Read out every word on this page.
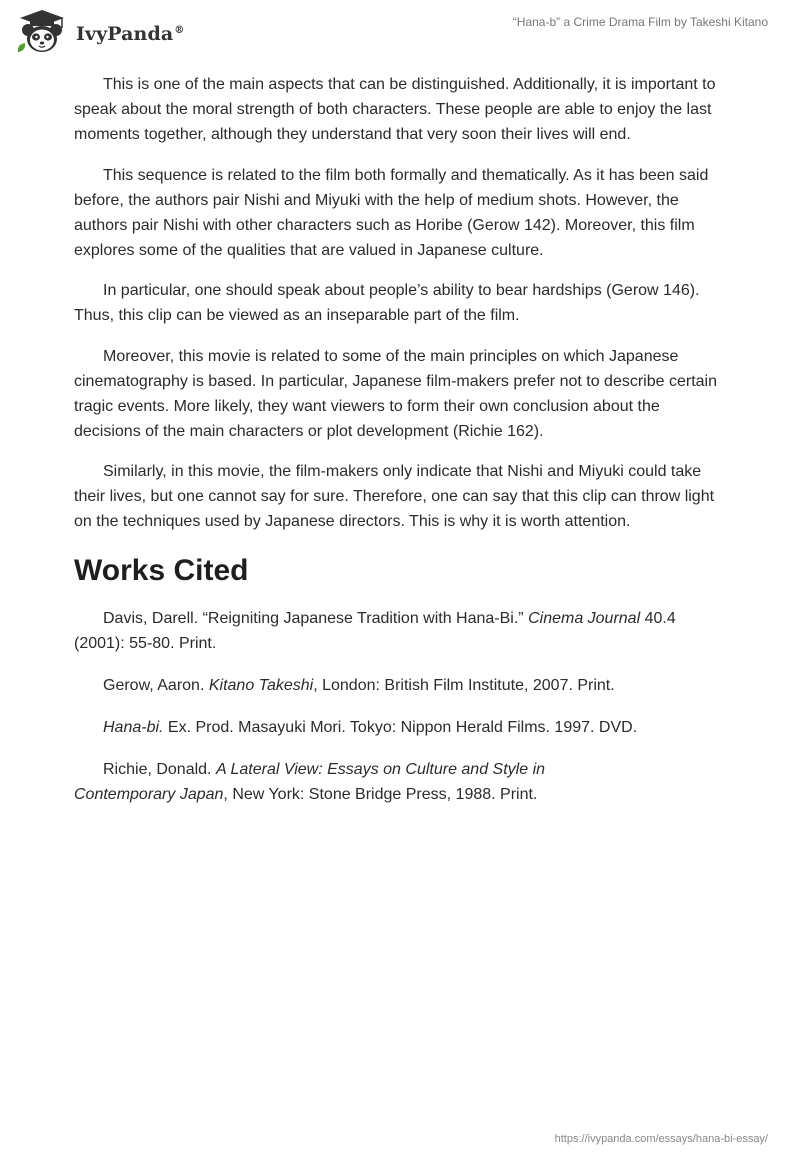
IvyPanda®
“Hana-b” a Crime Drama Film by Takeshi Kitano

This is one of the main aspects that can be distinguished. Additionally, it is important to speak about the moral strength of both characters. These people are able to enjoy the last moments together, although they understand that very soon their lives will end.

This sequence is related to the film both formally and thematically. As it has been said before, the authors pair Nishi and Miyuki with the help of medium shots. However, the authors pair Nishi with other characters such as Horibe (Gerow 142). Moreover, this film explores some of the qualities that are valued in Japanese culture.

In particular, one should speak about people’s ability to bear hardships (Gerow 146). Thus, this clip can be viewed as an inseparable part of the film.

Moreover, this movie is related to some of the main principles on which Japanese cinematography is based. In particular, Japanese film-makers prefer not to describe certain tragic events. More likely, they want viewers to form their own conclusion about the decisions of the main characters or plot development (Richie 162).

Similarly, in this movie, the film-makers only indicate that Nishi and Miyuki could take their lives, but one cannot say for sure. Therefore, one can say that this clip can throw light on the techniques used by Japanese directors. This is why it is worth attention.

Works Cited

Davis, Darell. “Reigniting Japanese Tradition with Hana-Bi.” Cinema Journal 40.4 (2001): 55-80. Print.

Gerow, Aaron. Kitano Takeshi, London: British Film Institute, 2007. Print.

Hana-bi. Ex. Prod. Masayuki Mori. Tokyo: Nippon Herald Films. 1997. DVD.

Richie, Donald. A Lateral View: Essays on Culture and Style in Contemporary Japan, New York: Stone Bridge Press, 1988. Print.

https://ivypanda.com/essays/hana-bi-essay/
